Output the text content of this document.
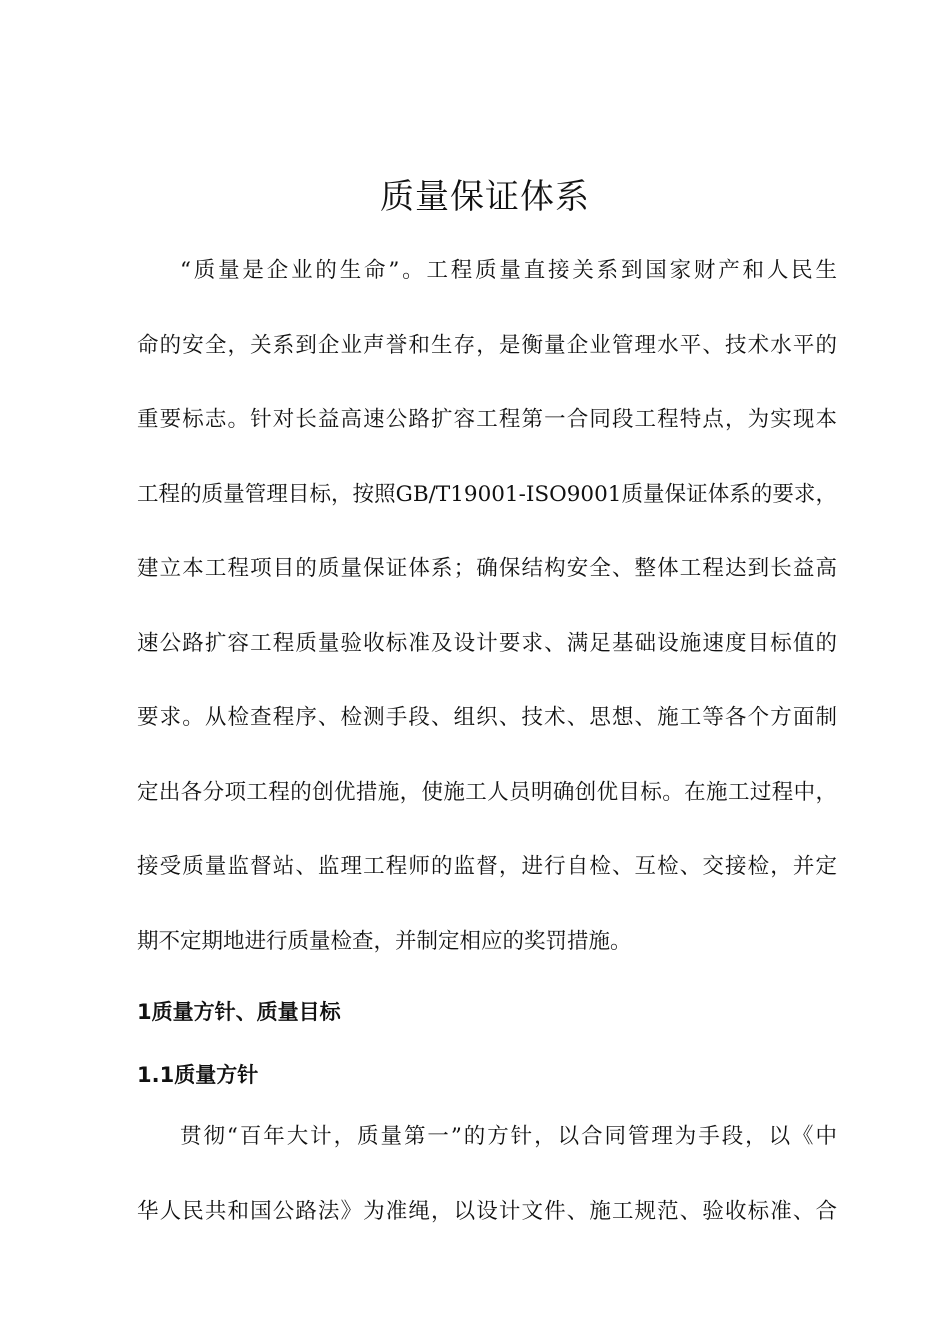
质量保证体系
“质量是企业的生命”。工程质量直接关系到国家财产和人民生
命的安全，关系到企业声誉和生存，是衡量企业管理水平、技术水平的
重要标志。针对长益高速公路扩容工程第一合同段工程特点，为实现本
工程的质量管理目标，按照GB/T19001-ISO9001质量保证体系的要求，
建立本工程项目的质量保证体系；确保结构安全、整体工程达到长益高
速公路扩容工程质量验收标准及设计要求、满足基础设施速度目标值的
要求。从检查程序、检测手段、组织、技术、思想、施工等各个方面制
定出各分项工程的创优措施，使施工人员明确创优目标。在施工过程中，
接受质量监督站、监理工程师的监督，进行自检、互检、交接检，并定
期不定期地进行质量检查，并制定相应的奖罚措施。
1质量方针、质量目标
1.1质量方针
贯彻“百年大计，质量第一”的方针，以合同管理为手段，以《中
华人民共和国公路法》为准绳，以设计文件、施工规范、验收标准、合
